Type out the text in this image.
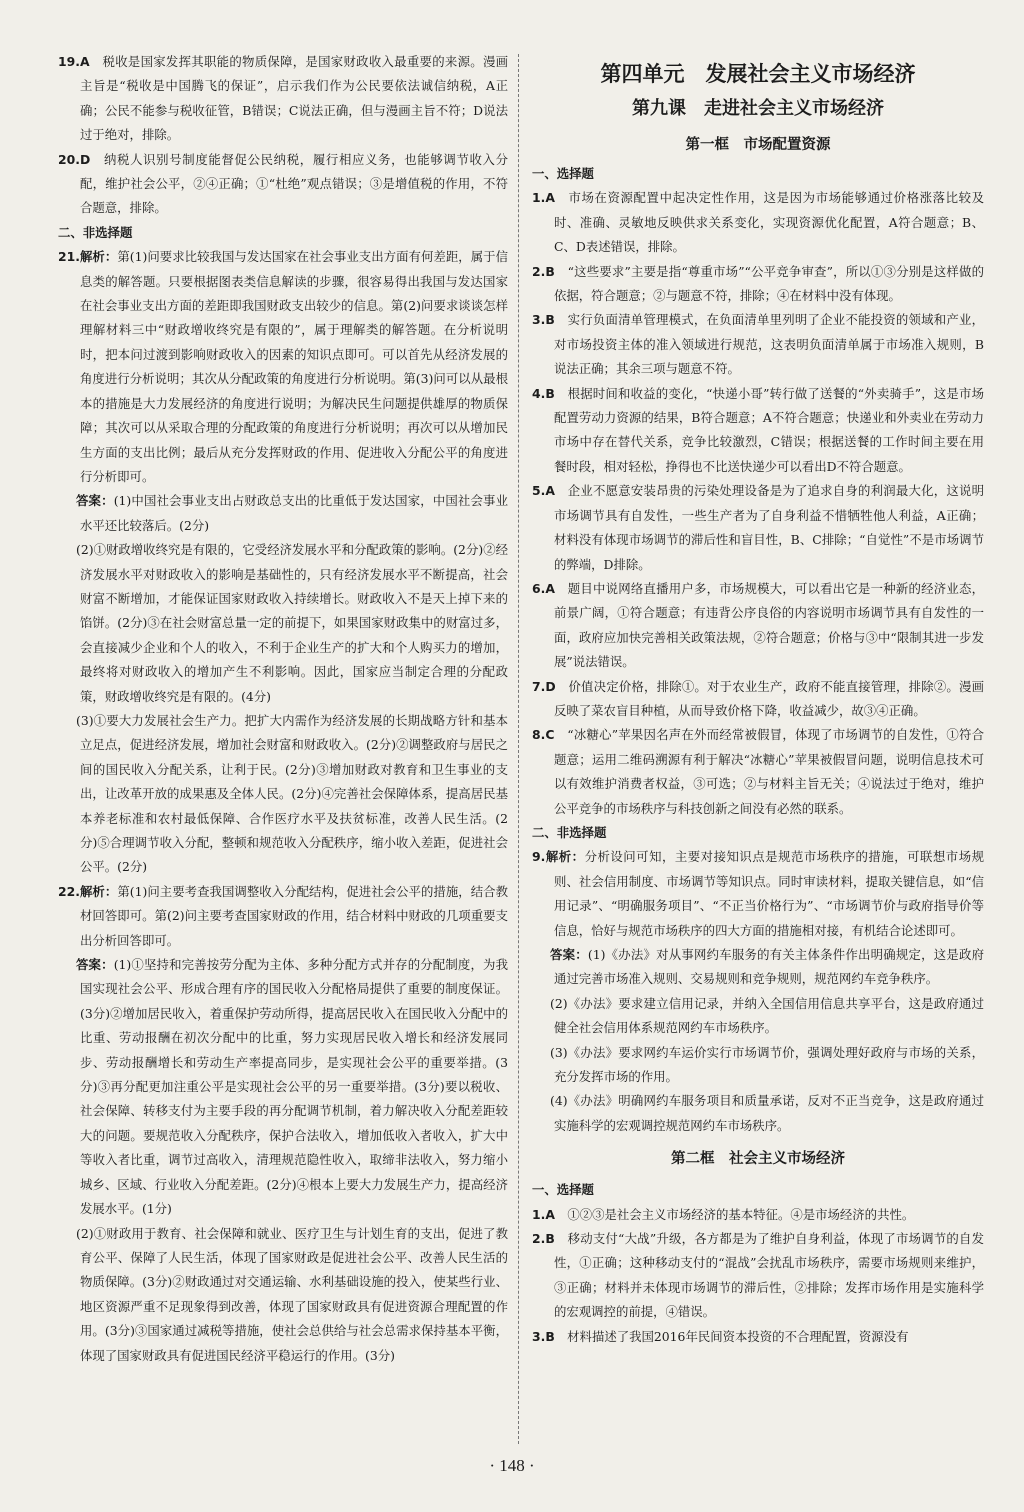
19.A　 税收是国家发挥其职能的物质保障，是国家财政收入最重要的来源。漫画主旨是“税收是中国腾飞的保证”，启示我们作为公民要依法诚信纳税，A正确；公民不能参与税收征管，B错误；C说法正确，但与漫画主旨不符；D说法过于绝对，排除。

20.D　 纳税人识别号制度能督促公民纳税，履行相应义务，也能够调节收入分配，维护社会公平，②④正确；①“杜绝”观点错误；③是增值税的作用，不符合题意，排除。

二、非选择题

21.解析：第(1)问要求比较我国与发达国家在社会事业支出方面有何差距，属于信息类的解答题。只要根据图表类信息解读的步骤，很容易得出我国与发达国家在社会事业支出方面的差距即我国财政支出较少的信息。第(2)问要求谈谈怎样理解材料三中“财政增收终究是有限的”，属于理解类的解答题。在分析说明时，把本问过渡到影响财政收入的因素的知识点即可。可以首先从经济发展的角度进行分析说明；其次从分配政策的角度进行分析说明。第(3)问可以从最根本的措施是大力发展经济的角度进行说明；为解决民生问题提供雄厚的物质保障；其次可以从采取合理的分配政策的角度进行分析说明；再次可以从增加民生方面的支出比例；最后从充分发挥财政的作用、促进收入分配公平的角度进行分析即可。

答案：(1)中国社会事业支出占财政总支出的比重低于发达国家，中国社会事业水平还比较落后。(2分)

(2)①财政增收终究是有限的，它受经济发展水平和分配政策的影响。(2分)②经济发展水平对财政收入的影响是基础性的，只有经济发展水平不断提高，社会财富不断增加，才能保证国家财政收入持续增长。财政收入不是天上掉下来的馅饼。(2分)③在社会财富总量一定的前提下，如果国家财政集中的财富过多，会直接减少企业和个人的收入，不利于企业生产的扩大和个人购买力的增加，最终将对财政收入的增加产生不利影响。因此，国家应当制定合理的分配政策，财政增收终究是有限的。(4分)

(3)①要大力发展社会生产力。把扩大内需作为经济发展的长期战略方针和基本立足点，促进经济发展，增加社会财富和财政收入。(2分)②调整政府与居民之间的国民收入分配关系，让利于民。(2分)③增加财政对教育和卫生事业的支出，让改革开放的成果惠及全体人民。(2分)④完善社会保障体系，提高居民基本养老标准和农村最低保障、合作医疗水平及扶贫标准，改善人民生活。(2分)⑤合理调节收入分配，整顿和规范收入分配秩序，缩小收入差距，促进社会公平。(2分)

22.解析：第(1)问主要考查我国调整收入分配结构，促进社会公平的措施，结合教材回答即可。第(2)问主要考查国家财政的作用，结合材料中财政的几项重要支出分析回答即可。

答案：(1)①坚持和完善按劳分配为主体、多种分配方式并存的分配制度，为我国实现社会公平、形成合理有序的国民收入分配格局提供了重要的制度保证。(3分)②增加居民收入，着重保护劳动所得，提高居民收入在国民收入分配中的比重、劳动报酬在初次分配中的比重，努力实现居民收入增长和经济发展同步、劳动报酬增长和劳动生产率提高同步，是实现社会公平的重要举措。(3分)③再分配更加注重公平是实现社会公平的另一重要举措。(3分)要以税收、社会保障、转移支付为主要手段的再分配调节机制，着力解决收入分配差距较大的问题。要规范收入分配秩序，保护合法收入，增加低收入者收入，扩大中等收入者比重，调节过高收入，清理规范隐性收入，取缔非法收入，努力缩小城乡、区域、行业收入分配差距。(2分)④根本上要大力发展生产力，提高经济发展水平。(1分)

(2)①财政用于教育、社会保障和就业、医疗卫生与计划生育的支出，促进了教育公平、保障了人民生活，体现了国家财政是促进社会公平、改善人民生活的物质保障。(3分)②财政通过对交通运输、水利基础设施的投入，使某些行业、地区资源严重不足现象得到改善，体现了国家财政具有促进资源合理配置的作用。(3分)③国家通过减税等措施，使社会总供给与社会总需求保持基本平衡，体现了国家财政具有促进国民经济平稳运行的作用。(3分)

第四单元　发展社会主义市场经济

第九课　走进社会主义市场经济

第一框　市场配置资源

一、选择题

1.A　 市场在资源配置中起决定性作用，这是因为市场能够通过价格涨落比较及时、准确、灵敏地反映供求关系变化，实现资源优化配置，A符合题意；B、C、D表述错误，排除。

2.B　 “这些要求”主要是指“尊重市场”“公平竞争审查”，所以①③分别是这样做的依据，符合题意；②与题意不符，排除；④在材料中没有体现。

3.B　 实行负面清单管理模式，在负面清单里列明了企业不能投资的领域和产业，对市场投资主体的准入领域进行规范，这表明负面清单属于市场准入规则，B说法正确；其余三项与题意不符。

4.B　 根据时间和收益的变化，“快递小哥”转行做了送餐的“外卖骑手”，这是市场配置劳动力资源的结果，B符合题意；A不符合题意；快递业和外卖业在劳动力市场中存在替代关系，竞争比较激烈，C错误；根据送餐的工作时间主要在用餐时段，相对轻松，挣得也不比送快递少可以看出D不符合题意。

5.A　 企业不愿意安装昂贵的污染处理设备是为了追求自身的利润最大化，这说明市场调节具有自发性，一些生产者为了自身利益不惜牺牲他人利益，A正确；材料没有体现市场调节的滞后性和盲目性，B、C排除；“自觉性”不是市场调节的弊端，D排除。

6.A　 题目中说网络直播用户多，市场规模大，可以看出它是一种新的经济业态，前景广阔，①符合题意；有违背公序良俗的内容说明市场调节具有自发性的一面，政府应加快完善相关政策法规，②符合题意；价格与③中“限制其进一步发展”说法错误。

7.D　 价值决定价格，排除①。对于农业生产，政府不能直接管理，排除②。漫画反映了菜农盲目种植，从而导致价格下降，收益减少，故③④正确。

8.C　 “冰糖心”苹果因名声在外而经常被假冒，体现了市场调节的自发性，①符合题意；运用二维码溯源有利于解决“冰糖心”苹果被假冒问题，说明信息技术可以有效维护消费者权益，③可选；②与材料主旨无关；④说法过于绝对，维护公平竞争的市场秩序与科技创新之间没有必然的联系。

二、非选择题

9.解析：分析设问可知，主要对接知识点是规范市场秩序的措施，可联想市场规则、社会信用制度、市场调节等知识点。同时审读材料，提取关键信息，如“信用记录”、“明确服务项目”、“不正当价格行为”、“市场调节价与政府指导价等信息，恰好与规范市场秩序的四大方面的措施相对接，有机结合论述即可。

答案：(1)《办法》对从事网约车服务的有关主体条件作出明确规定，这是政府通过完善市场准入规则、交易规则和竞争规则，规范网约车竞争秩序。

(2)《办法》要求建立信用记录，并纳入全国信用信息共享平台，这是政府通过健全社会信用体系规范网约车市场秩序。

(3)《办法》要求网约车运价实行市场调节价，强调处理好政府与市场的关系，充分发挥市场的作用。

(4)《办法》明确网约车服务项目和质量承诺，反对不正当竞争，这是政府通过实施科学的宏观调控规范网约车市场秩序。

第二框　社会主义市场经济

一、选择题

1.A　 ①②③是社会主义市场经济的基本特征。④是市场经济的共性。

2.B　 移动支付“大战”升级，各方都是为了维护自身利益，体现了市场调节的自发性，①正确；这种移动支付的“混战”会扰乱市场秩序，需要市场规则来维护，③正确；材料并未体现市场调节的滞后性，②排除；发挥市场作用是实施科学的宏观调控的前提，④错误。

3.B　 材料描述了我国2016年民间资本投资的不合理配置，资源没有

· 148 ·
